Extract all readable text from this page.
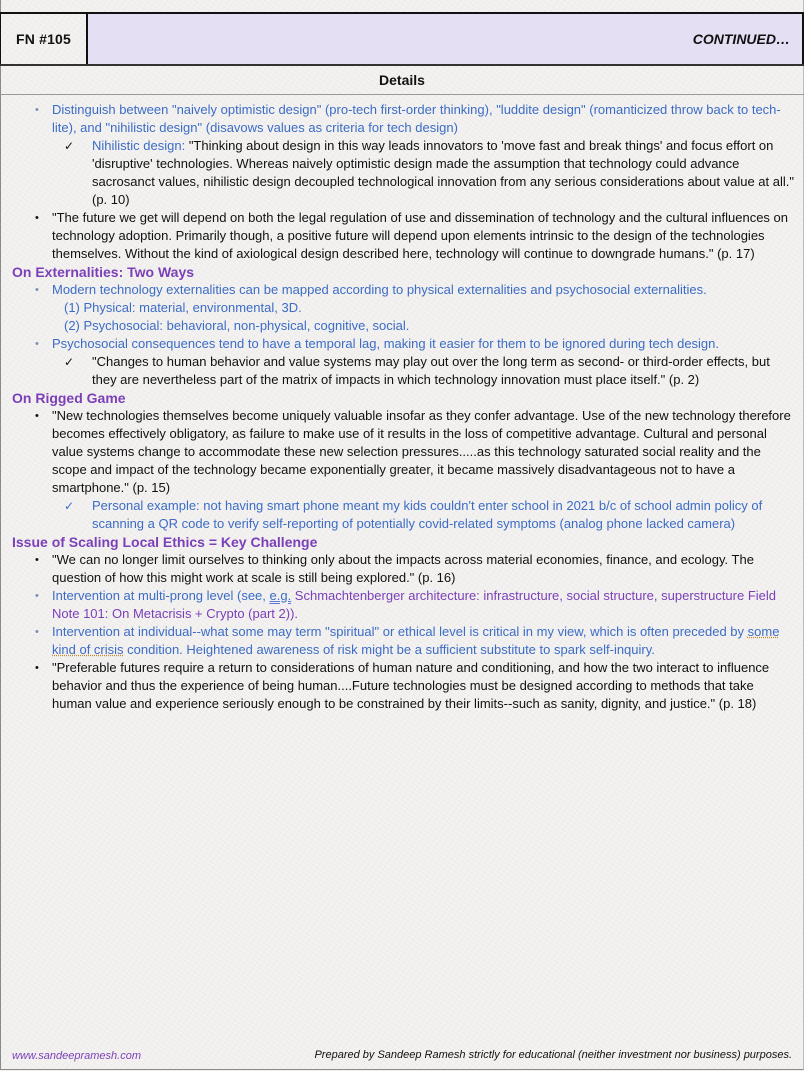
FN #105	CONTINUED…
Details
• Distinguish between "naively optimistic design" (pro-tech first-order thinking), "luddite design" (romanticized throw back to tech-lite), and "nihilistic design" (disavows values as criteria for tech design)
✓ Nihilistic design: "Thinking about design in this way leads innovators to 'move fast and break things' and focus effort on 'disruptive' technologies. Whereas naively optimistic design made the assumption that technology could advance sacrosanct values, nihilistic design decoupled technological innovation from any serious considerations about value at all." (p. 10)
• "The future we get will depend on both the legal regulation of use and dissemination of technology and the cultural influences on technology adoption. Primarily though, a positive future will depend upon elements intrinsic to the design of the technologies themselves. Without the kind of axiological design described here, technology will continue to downgrade humans." (p. 17)
On Externalities: Two Ways
• Modern technology externalities can be mapped according to physical externalities and psychosocial externalities.
(1) Physical: material, environmental, 3D.
(2) Psychosocial: behavioral, non-physical, cognitive, social.
• Psychosocial consequences tend to have a temporal lag, making it easier for them to be ignored during tech design.
✓ "Changes to human behavior and value systems may play out over the long term as second- or third-order effects, but they are nevertheless part of the matrix of impacts in which technology innovation must place itself." (p. 2)
On Rigged Game
• "New technologies themselves become uniquely valuable insofar as they confer advantage. Use of the new technology therefore becomes effectively obligatory, as failure to make use of it results in the loss of competitive advantage. Cultural and personal value systems change to accommodate these new selection pressures.....as this technology saturated social reality and the scope and impact of the technology became exponentially greater, it became massively disadvantageous not to have a smartphone." (p. 15)
✓ Personal example: not having smart phone meant my kids couldn't enter school in 2021 b/c of school admin policy of scanning a QR code to verify self-reporting of potentially covid-related symptoms (analog phone lacked camera)
Issue of Scaling Local Ethics = Key Challenge
• "We can no longer limit ourselves to thinking only about the impacts across material economies, finance, and ecology. The question of how this might work at scale is still being explored." (p. 16)
• Intervention at multi-prong level (see, e.g. Schmachtenberger architecture: infrastructure, social structure, superstructure Field Note 101: On Metacrisis + Crypto (part 2)).
• Intervention at individual--what some may term "spiritual" or ethical level is critical in my view, which is often preceded by some kind of crisis condition. Heightened awareness of risk might be a sufficient substitute to spark self-inquiry.
• "Preferable futures require a return to considerations of human nature and conditioning, and how the two interact to influence behavior and thus the experience of being human....Future technologies must be designed according to methods that take human value and experience seriously enough to be constrained by their limits--such as sanity, dignity, and justice." (p. 18)
www.sandeepramesh.com	Prepared by Sandeep Ramesh strictly for educational (neither investment nor business) purposes.
